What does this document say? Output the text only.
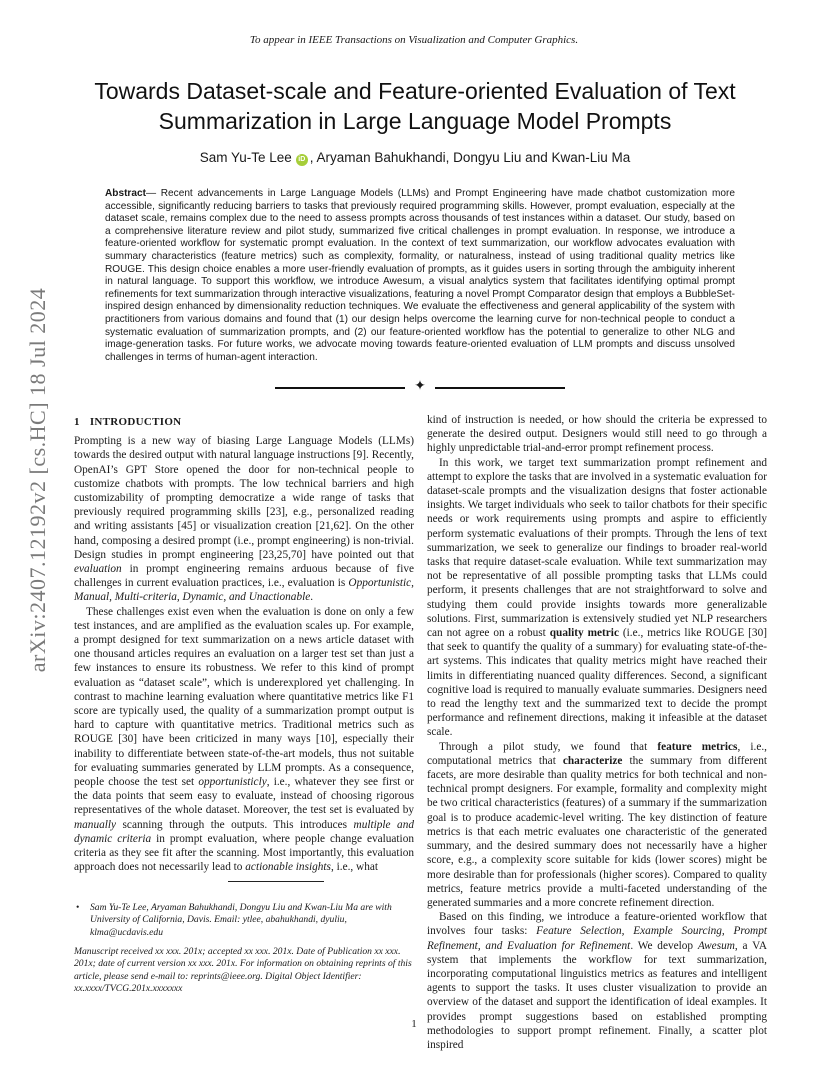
To appear in IEEE Transactions on Visualization and Computer Graphics.
arXiv:2407.12192v2 [cs.HC] 18 Jul 2024
Towards Dataset-scale and Feature-oriented Evaluation of Text Summarization in Large Language Model Prompts
Sam Yu-Te Lee iD , Aryaman Bahukhandi, Dongyu Liu and Kwan-Liu Ma
Abstract— Recent advancements in Large Language Models (LLMs) and Prompt Engineering have made chatbot customization more accessible, significantly reducing barriers to tasks that previously required programming skills. However, prompt evaluation, especially at the dataset scale, remains complex due to the need to assess prompts across thousands of test instances within a dataset. Our study, based on a comprehensive literature review and pilot study, summarized five critical challenges in prompt evaluation. In response, we introduce a feature-oriented workflow for systematic prompt evaluation. In the context of text summarization, our workflow advocates evaluation with summary characteristics (feature metrics) such as complexity, formality, or naturalness, instead of using traditional quality metrics like ROUGE. This design choice enables a more user-friendly evaluation of prompts, as it guides users in sorting through the ambiguity inherent in natural language. To support this workflow, we introduce Awesum, a visual analytics system that facilitates identifying optimal prompt refinements for text summarization through interactive visualizations, featuring a novel Prompt Comparator design that employs a BubbleSet-inspired design enhanced by dimensionality reduction techniques. We evaluate the effectiveness and general applicability of the system with practitioners from various domains and found that (1) our design helps overcome the learning curve for non-technical people to conduct a systematic evaluation of summarization prompts, and (2) our feature-oriented workflow has the potential to generalize to other NLG and image-generation tasks. For future works, we advocate moving towards feature-oriented evaluation of LLM prompts and discuss unsolved challenges in terms of human-agent interaction.
✦
1 INTRODUCTION

Prompting is a new way of biasing Large Language Models (LLMs) towards the desired output with natural language instructions [9]. Recently, OpenAI’s GPT Store opened the door for non-technical people to customize chatbots with prompts. The low technical barriers and high customizability of prompting democratize a wide range of tasks that previously required programming skills [23], e.g., personalized reading and writing assistants [45] or visualization creation [21,62]. On the other hand, composing a desired prompt (i.e., prompt engineering) is non-trivial. Design studies in prompt engineering [23,25,70] have pointed out that evaluation in prompt engineering remains arduous because of five challenges in current evaluation practices, i.e., evaluation is Opportunistic, Manual, Multi-criteria, Dynamic, and Unactionable.

These challenges exist even when the evaluation is done on only a few test instances, and are amplified as the evaluation scales up. For example, a prompt designed for text summarization on a news article dataset with one thousand articles requires an evaluation on a larger test set than just a few instances to ensure its robustness. We refer to this kind of prompt evaluation as “dataset scale”, which is underexplored yet challenging. In contrast to machine learning evaluation where quantitative metrics like F1 score are typically used, the quality of a summarization prompt output is hard to capture with quantitative metrics. Traditional metrics such as ROUGE [30] have been criticized in many ways [10], especially their inability to differentiate between state-of-the-art models, thus not suitable for evaluating summaries generated by LLM prompts. As a consequence, people choose the test set opportunisticly, i.e., whatever they see first or the data points that seem easy to evaluate, instead of choosing rigorous representatives of the whole dataset. Moreover, the test set is evaluated by manually scanning through the outputs. This introduces multiple and dynamic criteria in prompt evaluation, where people change evaluation criteria as they see fit after the scanning. Most importantly, this evaluation approach does not necessarily lead to actionable insights, i.e., what

kind of instruction is needed, or how should the criteria be expressed to generate the desired output. Designers would still need to go through a highly unpredictable trial-and-error prompt refinement process.

In this work, we target text summarization prompt refinement and attempt to explore the tasks that are involved in a systematic evaluation for dataset-scale prompts and the visualization designs that foster actionable insights. We target individuals who seek to tailor chatbots for their specific needs or work requirements using prompts and aspire to efficiently perform systematic evaluations of their prompts. Through the lens of text summarization, we seek to generalize our findings to broader real-world tasks that require dataset-scale evaluation. While text summarization may not be representative of all possible prompting tasks that LLMs could perform, it presents challenges that are not straightforward to solve and studying them could provide insights towards more generalizable solutions. First, summarization is extensively studied yet NLP researchers can not agree on a robust quality metric (i.e., metrics like ROUGE [30] that seek to quantify the quality of a summary) for evaluating state-of-the-art systems. This indicates that quality metrics might have reached their limits in differentiating nuanced quality differences. Second, a significant cognitive load is required to manually evaluate summaries. Designers need to read the lengthy text and the summarized text to decide the prompt performance and refinement directions, making it infeasible at the dataset scale.

Through a pilot study, we found that feature metrics, i.e., computational metrics that characterize the summary from different facets, are more desirable than quality metrics for both technical and non-technical prompt designers. For example, formality and complexity might be two critical characteristics (features) of a summary if the summarization goal is to produce academic-level writing. The key distinction of feature metrics is that each metric evaluates one characteristic of the generated summary, and the desired summary does not necessarily have a higher score, e.g., a complexity score suitable for kids (lower scores) might be more desirable than for professionals (higher scores). Compared to quality metrics, feature metrics provide a multi-faceted understanding of the generated summaries and a more concrete refinement direction.

Based on this finding, we introduce a feature-oriented workflow that involves four tasks: Feature Selection, Example Sourcing, Prompt Refinement, and Evaluation for Refinement. We develop Awesum, a VA system that implements the workflow for text summarization, incorporating computational linguistics metrics as features and intelligent agents to support the tasks. It uses cluster visualization to provide an overview of the dataset and support the identification of ideal examples. It provides prompt suggestions based on established prompting methodologies to support prompt refinement. Finally, a scatter plot inspired

• Sam Yu-Te Lee, Aryaman Bahukhandi, Dongyu Liu and Kwan-Liu Ma are with University of California, Davis. Email: ytlee, abahukhandi, dyuliu, klma@ucdavis.edu
Manuscript received xx xxx. 201x; accepted xx xxx. 201x. Date of Publication xx xxx. 201x; date of current version xx xxx. 201x. For information on obtaining reprints of this article, please send e-mail to: reprints@ieee.org. Digital Object Identifier: xx.xxxx/TVCG.201x.xxxxxxx
1
